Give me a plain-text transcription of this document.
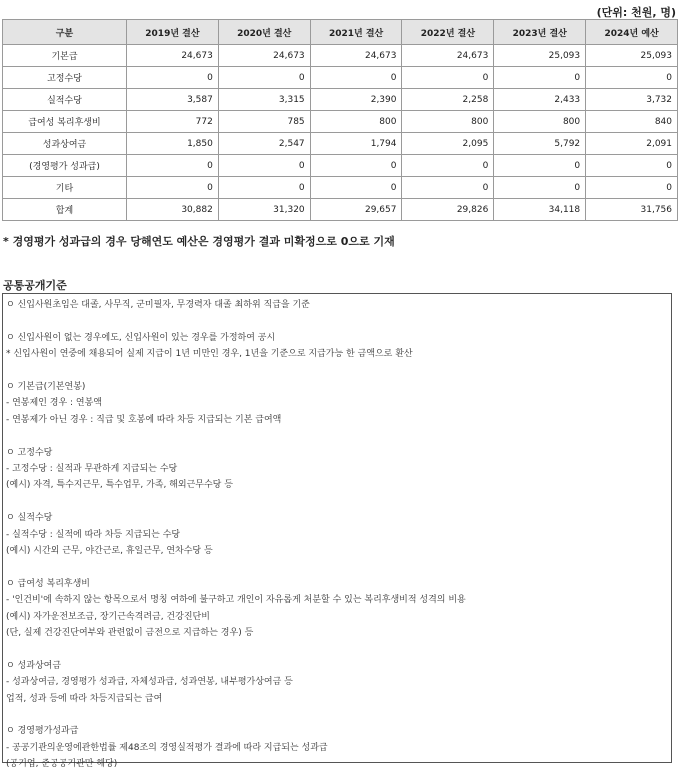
(단위: 천원, 명)
구분	2019년 결산	2020년 결산	2021년 결산	2022년 결산	2023년 결산	2024년 예산
기본급	24,673	24,673	24,673	24,673	25,093	25,093
고정수당	0	0	0	0	0	0
실적수당	3,587	3,315	2,390	2,258	2,433	3,732
급여성 복리후생비	772	785	800	800	800	840
성과상여금	1,850	2,547	1,794	2,095	5,792	2,091
(경영평가 성과급)	0	0	0	0	0	0
기타	0	0	0	0	0	0
합계	30,882	31,320	29,657	29,826	34,118	31,756
* 경영평가 성과급의 경우 당해연도 예산은 경영평가 결과 미확정으로 0으로 기재
공통공개기준
ㅇ 신입사원초임은 대졸, 사무직, 군미필자, 무경력자 대졸 최하위 직급을 기준
ㅇ 신입사원이 없는 경우에도, 신입사원이 있는 경우를 가정하여 공시
* 신입사원이 연중에 채용되어 실제 지급이 1년 미만인 경우, 1년을 기준으로 지급가능 한 금액으로 환산
ㅇ 기본급(기본연봉)
- 연봉제인 경우 : 연봉액
- 연봉제가 아닌 경우 : 직급 및 호봉에 따라 차등 지급되는 기본 급여액
ㅇ 고정수당
- 고정수당 : 실적과 무관하게 지급되는 수당
(예시) 자격, 특수지근무, 특수업무, 가족, 해외근무수당 등
ㅇ 실적수당
- 실적수당 : 실적에 따라 차등 지급되는 수당
(예시) 시간외 근무, 야간근로, 휴일근무, 연차수당 등
ㅇ 급여성 복리후생비
- '인건비'에 속하지 않는 항목으로서 명칭 여하에 불구하고 개인이 자유롭게 처분할 수 있는 복리후생비적 성격의 비용
(예시) 자가운전보조금, 장기근속격려금, 건강진단비
(단, 실제 건강진단여부와 관련없이 금전으로 지급하는 경우) 등
ㅇ 성과상여금
- 성과상여금, 경영평가 성과급, 자체성과급, 성과연봉, 내부평가상여금 등
업적, 성과 등에 따라 차등지급되는 급여
ㅇ 경영평가성과급
- 공공기관의운영에관한법률 제48조의 경영실적평가 결과에 따라 지급되는 성과급
(공기업, 준공공기관만 해당)
